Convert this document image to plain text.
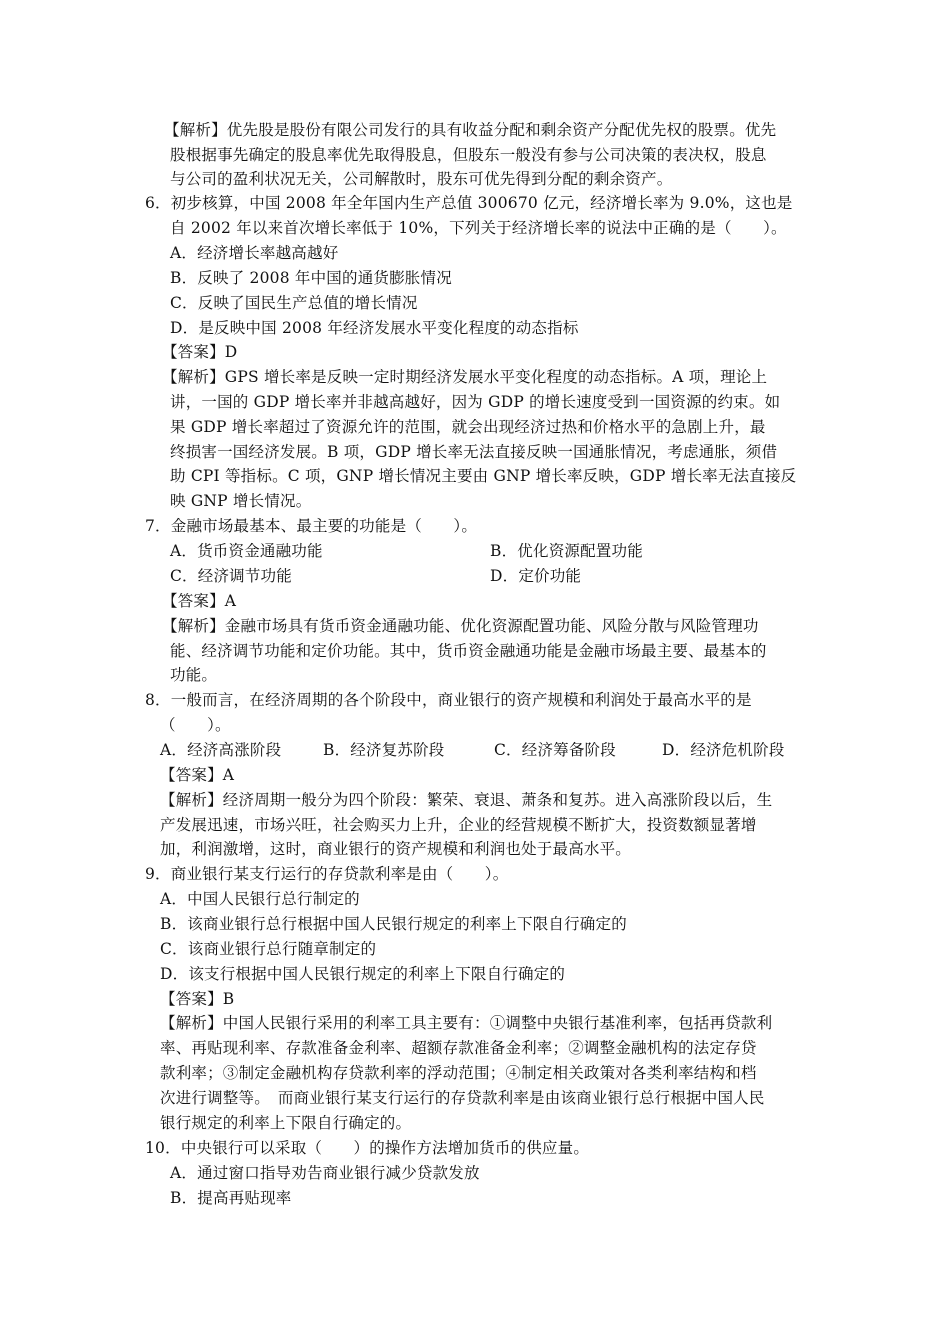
【解析】优先股是股份有限公司发行的具有收益分配和剩余资产分配优先权的股票。优先
股根据事先确定的股息率优先取得股息，但股东一般没有参与公司决策的表决权，股息
与公司的盈利状况无关，公司解散时，股东可优先得到分配的剩余资产。
6．初步核算，中国 2008 年全年国内生产总值 300670 亿元，经济增长率为 9.0%，这也是
自 2002 年以来首次增长率低于 10%，下列关于经济增长率的说法中正确的是（　　）。
A．经济增长率越高越好
B．反映了 2008 年中国的通货膨胀情况
C．反映了国民生产总值的增长情况
D．是反映中国 2008 年经济发展水平变化程度的动态指标
【答案】D
【解析】GPS 增长率是反映一定时期经济发展水平变化程度的动态指标。A 项，理论上
讲，一国的 GDP 增长率并非越高越好，因为 GDP 的增长速度受到一国资源的约束。如
果 GDP 增长率超过了资源允许的范围，就会出现经济过热和价格水平的急剧上升，最
终损害一国经济发展。B 项，GDP 增长率无法直接反映一国通胀情况，考虑通胀，须借
助 CPI 等指标。C 项，GNP 增长情况主要由 GNP 增长率反映，GDP 增长率无法直接反
映 GNP 增长情况。
7．金融市场最基本、最主要的功能是（　　）。
A．货币资金通融功能	B．优化资源配置功能
C．经济调节功能	D．定价功能
【答案】A
【解析】金融市场具有货币资金通融功能、优化资源配置功能、风险分散与风险管理功
能、经济调节功能和定价功能。其中，货币资金融通功能是金融市场最主要、最基本的
功能。
8．一般而言，在经济周期的各个阶段中，商业银行的资产规模和利润处于最高水平的是
（　　）。
A．经济高涨阶段	B．经济复苏阶段	C．经济筹备阶段	D．经济危机阶段
【答案】A
【解析】经济周期一般分为四个阶段：繁荣、衰退、萧条和复苏。进入高涨阶段以后，生
产发展迅速，市场兴旺，社会购买力上升，企业的经营规模不断扩大，投资数额显著增
加，利润激增，这时，商业银行的资产规模和利润也处于最高水平。
9．商业银行某支行运行的存贷款利率是由（　　）。
A．中国人民银行总行制定的
B．该商业银行总行根据中国人民银行规定的利率上下限自行确定的
C．该商业银行总行随章制定的
D．该支行根据中国人民银行规定的利率上下限自行确定的
【答案】B
【解析】中国人民银行采用的利率工具主要有：①调整中央银行基准利率，包括再贷款利
率、再贴现利率、存款准备金利率、超额存款准备金利率；②调整金融机构的法定存贷
款利率；③制定金融机构存贷款利率的浮动范围；④制定相关政策对各类利率结构和档
次进行调整等。　而商业银行某支行运行的存贷款利率是由该商业银行总行根据中国人民
银行规定的利率上下限自行确定的。
10．中央银行可以采取（　　）的操作方法增加货币的供应量。
A．通过窗口指导劝告商业银行减少贷款发放
B．提高再贴现率
